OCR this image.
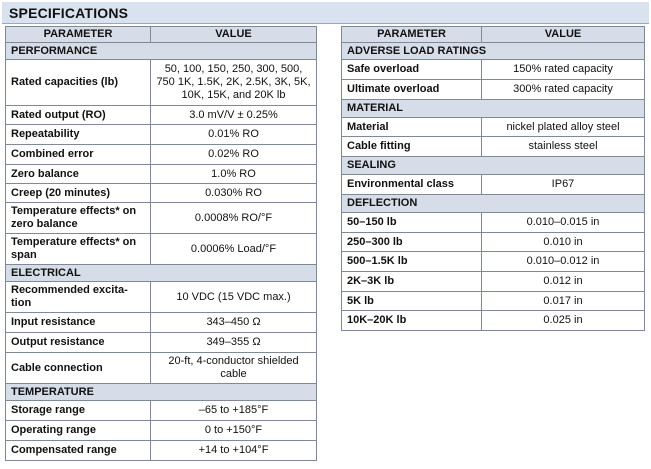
SPECIFICATIONS
PARAMETER	VALUE
PERFORMANCE	
Rated capacities (lb)	50, 100, 150, 250, 300, 500, 750 1K, 1.5K, 2K, 2.5K, 3K, 5K, 10K, 15K, and 20K lb
Rated output (RO)	3.0 mV/V ± 0.25%
Repeatability	0.01% RO
Combined error	0.02% RO
Zero balance	1.0% RO
Creep (20 minutes)	0.030% RO
Temperature effects* on zero balance	0.0008% RO/°F
Temperature effects* on span	0.0006% Load/°F
ELECTRICAL	
Recommended excita-tion	10 VDC (15 VDC max.)
Input resistance	343–450 Ω
Output resistance	349–355 Ω
Cable connection	20-ft, 4-conductor shielded cable
TEMPERATURE	
Storage range	–65 to +185°F
Operating range	0 to +150°F
Compensated range	+14 to +104°F
PARAMETER	VALUE
ADVERSE LOAD RATINGS	
Safe overload	150% rated capacity
Ultimate overload	300% rated capacity
MATERIAL	
Material	nickel plated alloy steel
Cable fitting	stainless steel
SEALING	
Environmental class	IP67
DEFLECTION	
50–150 lb	0.010–0.015 in
250–300 lb	0.010 in
500–1.5K lb	0.010–0.012 in
2K–3K lb	0.012 in
5K lb	0.017 in
10K–20K lb	0.025 in
